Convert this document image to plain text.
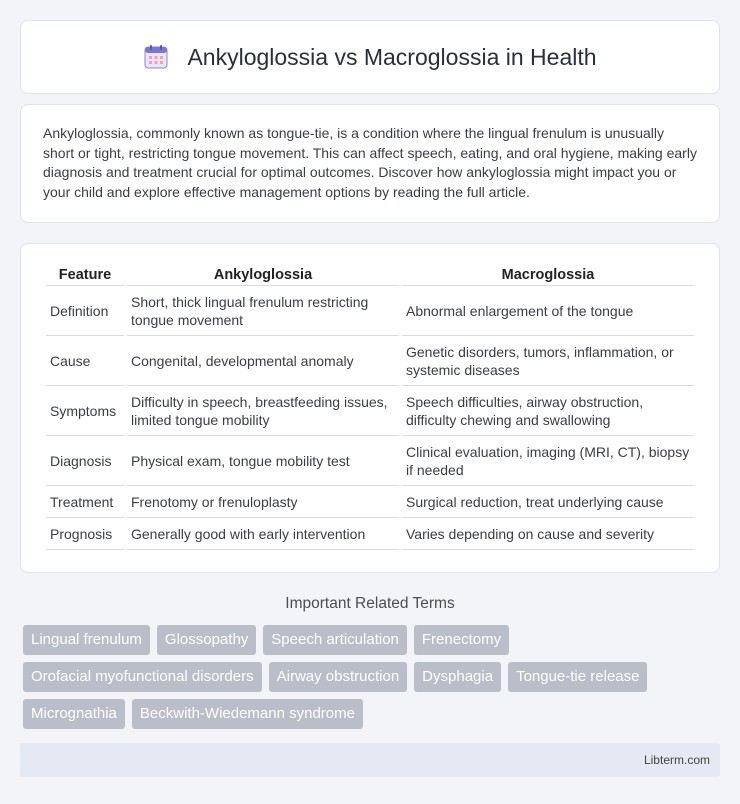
Ankyloglossia vs Macroglossia in Health

Ankyloglossia, commonly known as tongue-tie, is a condition where the lingual frenulum is unusually short or tight, restricting tongue movement. This can affect speech, eating, and oral hygiene, making early diagnosis and treatment crucial for optimal outcomes. Discover how ankyloglossia might impact you or your child and explore effective management options by reading the full article.

Feature	Ankyloglossia	Macroglossia
Definition	Short, thick lingual frenulum restricting tongue movement	Abnormal enlargement of the tongue
Cause	Congenital, developmental anomaly	Genetic disorders, tumors, inflammation, or systemic diseases
Symptoms	Difficulty in speech, breastfeeding issues, limited tongue mobility	Speech difficulties, airway obstruction, difficulty chewing and swallowing
Diagnosis	Physical exam, tongue mobility test	Clinical evaluation, imaging (MRI, CT), biopsy if needed
Treatment	Frenotomy or frenuloplasty	Surgical reduction, treat underlying cause
Prognosis	Generally good with early intervention	Varies depending on cause and severity
Important Related Terms
Lingual frenulum	Glossopathy	Speech articulation	Frenectomy
Orofacial myofunctional disorders	Airway obstruction	Dysphagia	Tongue-tie release
Micrognathia	Beckwith-Wiedemann syndrome
Libterm.com
